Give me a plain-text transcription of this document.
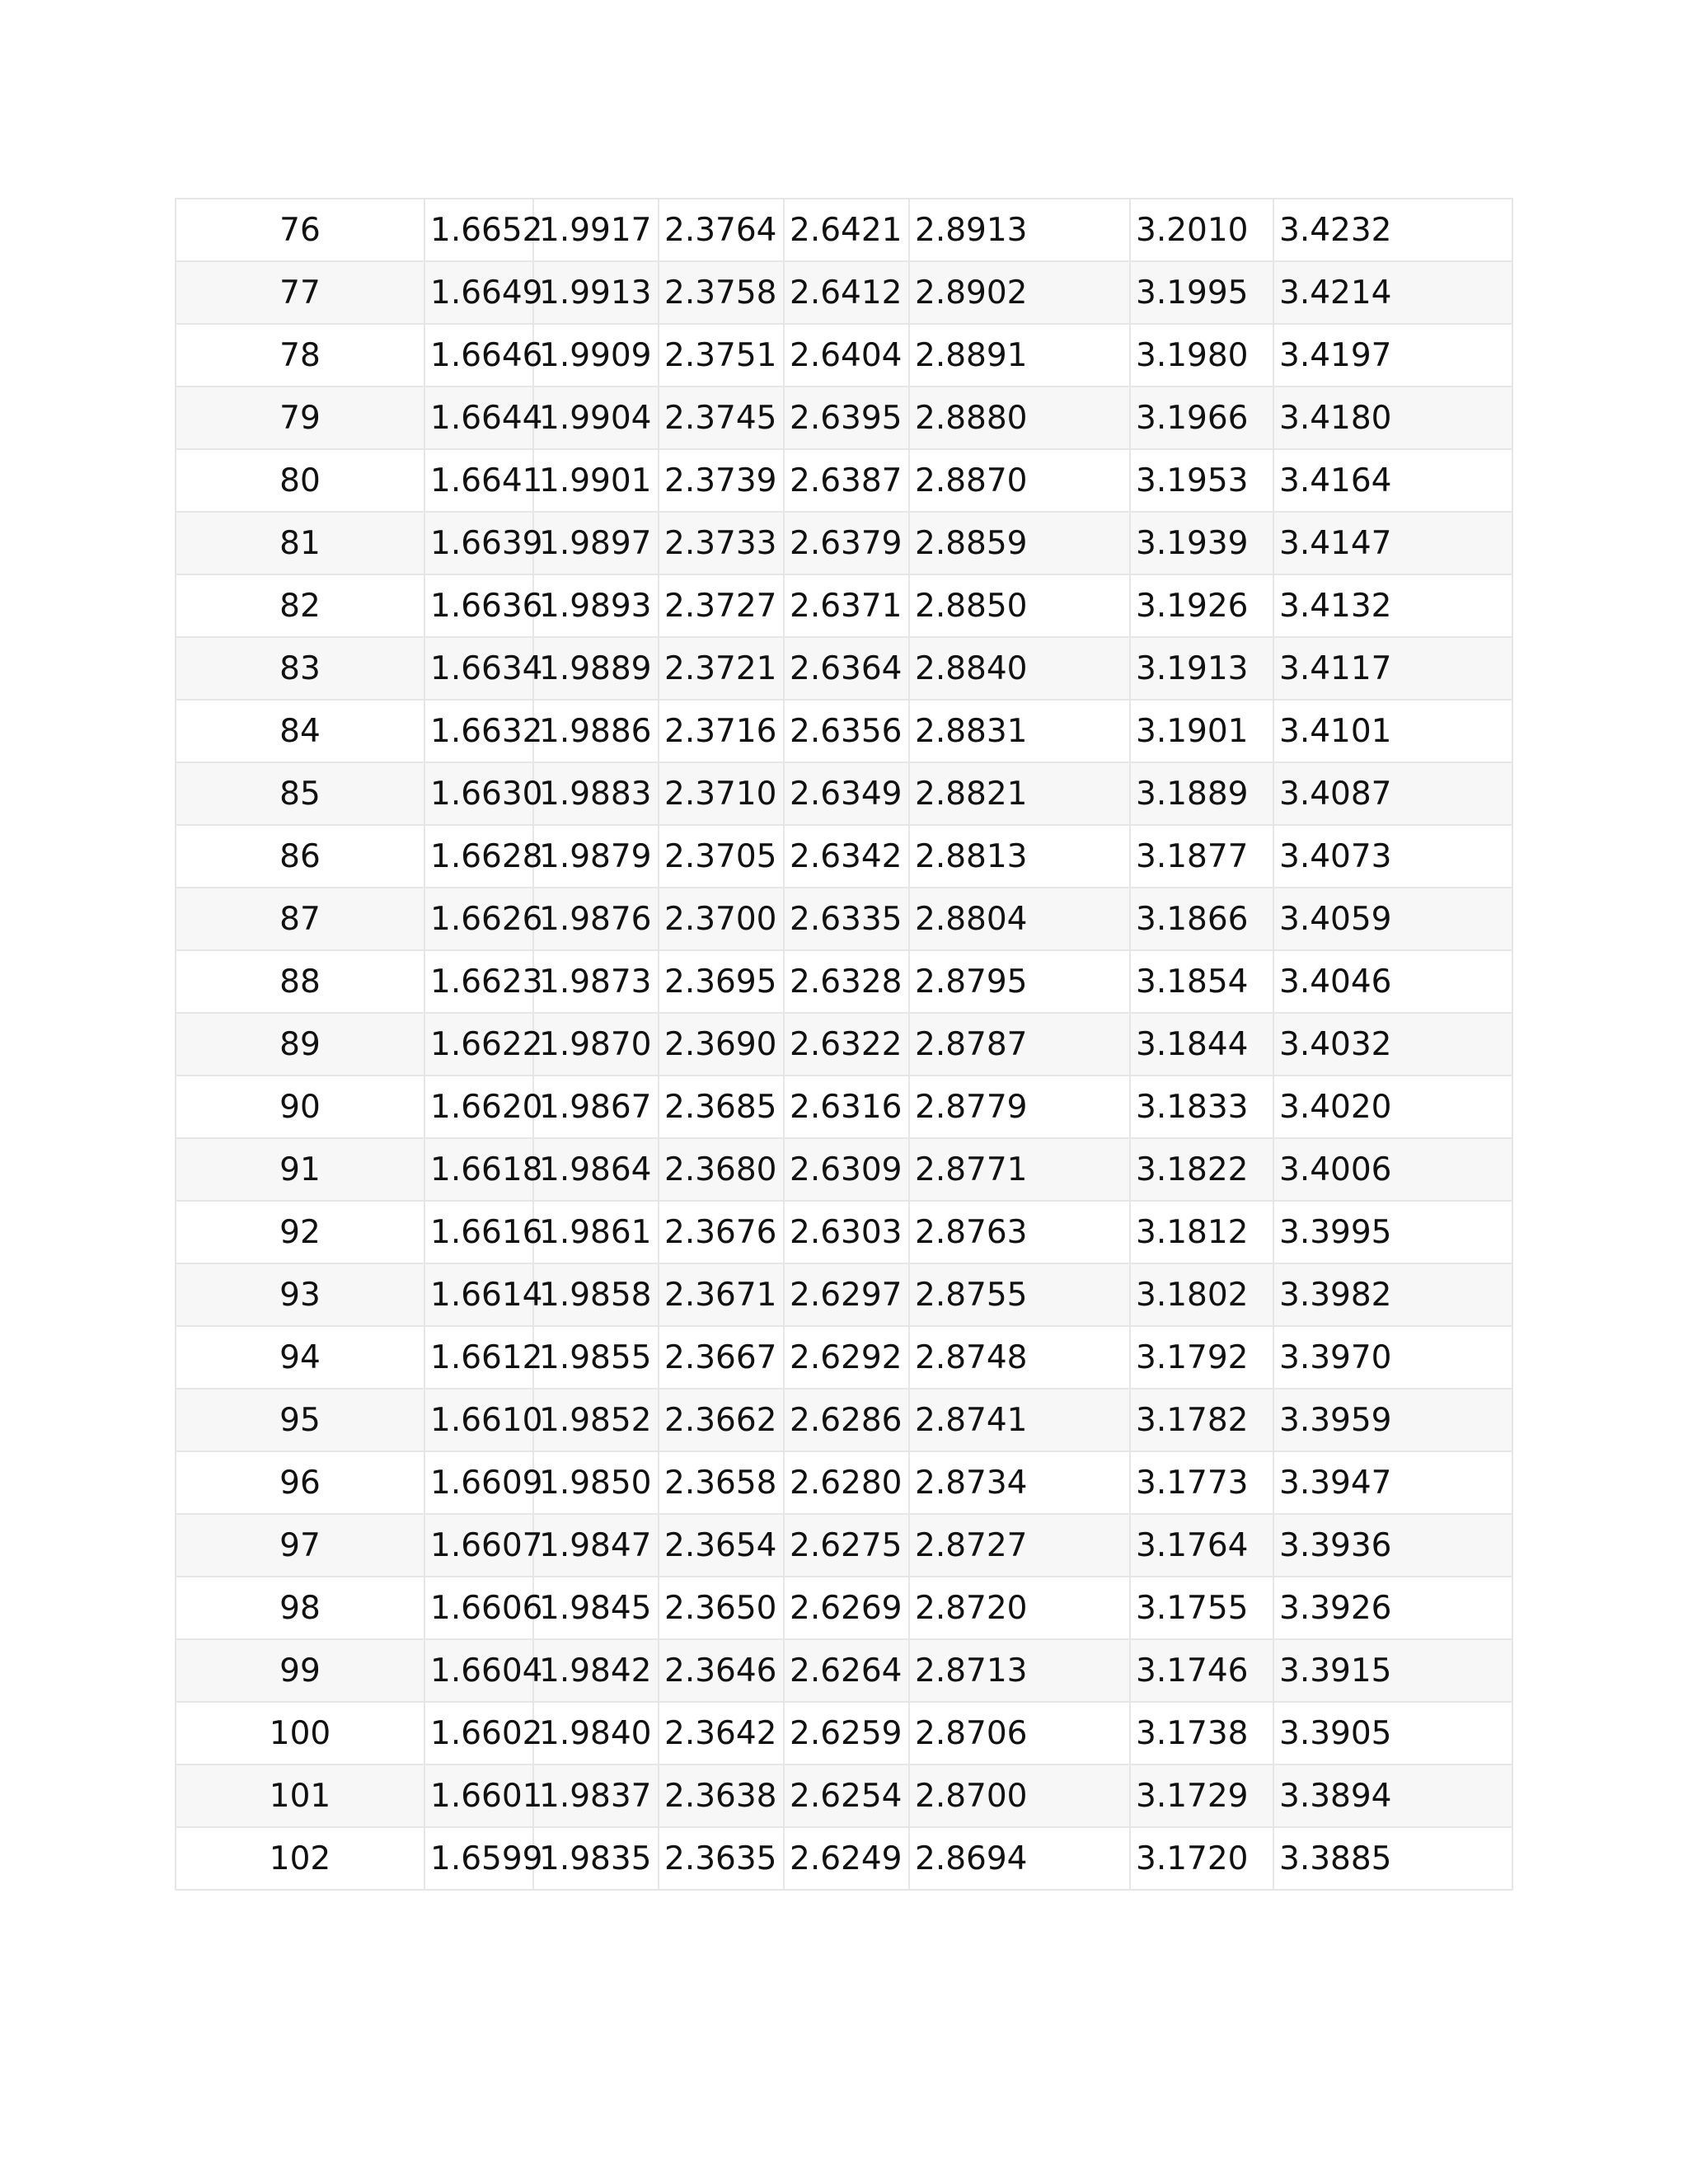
76	1.6652	1.9917	2.3764	2.6421	2.8913	3.2010	3.4232
77	1.6649	1.9913	2.3758	2.6412	2.8902	3.1995	3.4214
78	1.6646	1.9909	2.3751	2.6404	2.8891	3.1980	3.4197
79	1.6644	1.9904	2.3745	2.6395	2.8880	3.1966	3.4180
80	1.6641	1.9901	2.3739	2.6387	2.8870	3.1953	3.4164
81	1.6639	1.9897	2.3733	2.6379	2.8859	3.1939	3.4147
82	1.6636	1.9893	2.3727	2.6371	2.8850	3.1926	3.4132
83	1.6634	1.9889	2.3721	2.6364	2.8840	3.1913	3.4117
84	1.6632	1.9886	2.3716	2.6356	2.8831	3.1901	3.4101
85	1.6630	1.9883	2.3710	2.6349	2.8821	3.1889	3.4087
86	1.6628	1.9879	2.3705	2.6342	2.8813	3.1877	3.4073
87	1.6626	1.9876	2.3700	2.6335	2.8804	3.1866	3.4059
88	1.6623	1.9873	2.3695	2.6328	2.8795	3.1854	3.4046
89	1.6622	1.9870	2.3690	2.6322	2.8787	3.1844	3.4032
90	1.6620	1.9867	2.3685	2.6316	2.8779	3.1833	3.4020
91	1.6618	1.9864	2.3680	2.6309	2.8771	3.1822	3.4006
92	1.6616	1.9861	2.3676	2.6303	2.8763	3.1812	3.3995
93	1.6614	1.9858	2.3671	2.6297	2.8755	3.1802	3.3982
94	1.6612	1.9855	2.3667	2.6292	2.8748	3.1792	3.3970
95	1.6610	1.9852	2.3662	2.6286	2.8741	3.1782	3.3959
96	1.6609	1.9850	2.3658	2.6280	2.8734	3.1773	3.3947
97	1.6607	1.9847	2.3654	2.6275	2.8727	3.1764	3.3936
98	1.6606	1.9845	2.3650	2.6269	2.8720	3.1755	3.3926
99	1.6604	1.9842	2.3646	2.6264	2.8713	3.1746	3.3915
100	1.6602	1.9840	2.3642	2.6259	2.8706	3.1738	3.3905
101	1.6601	1.9837	2.3638	2.6254	2.8700	3.1729	3.3894
102	1.6599	1.9835	2.3635	2.6249	2.8694	3.1720	3.3885
